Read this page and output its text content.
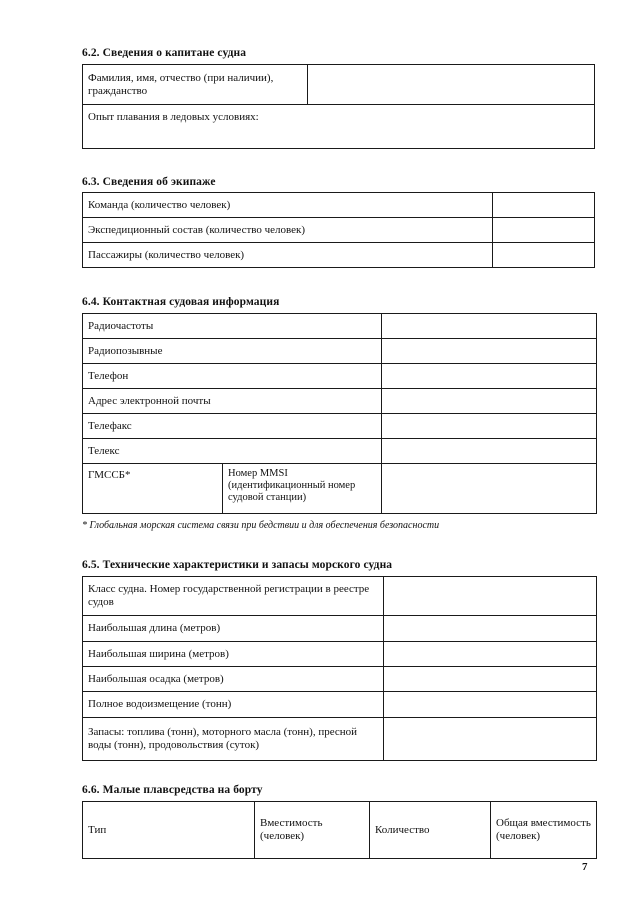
6.2. Сведения о капитане судна
Фамилия, имя, отчество (при наличии), гражданство	
Опыт плавания в ледовых условиях:
6.3. Сведения об экипаже
Команда (количество человек)	
Экспедиционный состав (количество человек)	
Пассажиры (количество человек)	
6.4. Контактная судовая информация
Радиочастоты		
Радиопозывные		
Телефон		
Адрес электронной почты		
Телефакс		
Телекс		
ГМССБ*	Номер MMSI (идентификационный номер судовой станции)	
* Глобальная морская система связи при бедствии и для обеспечения безопасности
6.5. Технические характеристики и запасы морского судна
Класс судна. Номер государственной регистрации в реестре судов	
Наибольшая длина (метров)	
Наибольшая ширина (метров)	
Наибольшая осадка (метров)	
Полное водоизмещение (тонн)	
Запасы: топлива (тонн), моторного масла (тонн), пресной воды (тонн), продовольствия (суток)	
6.6. Малые плавсредства на борту
Тип	Вместимость (человек)	Количество	Общая вместимость (человек)
7
